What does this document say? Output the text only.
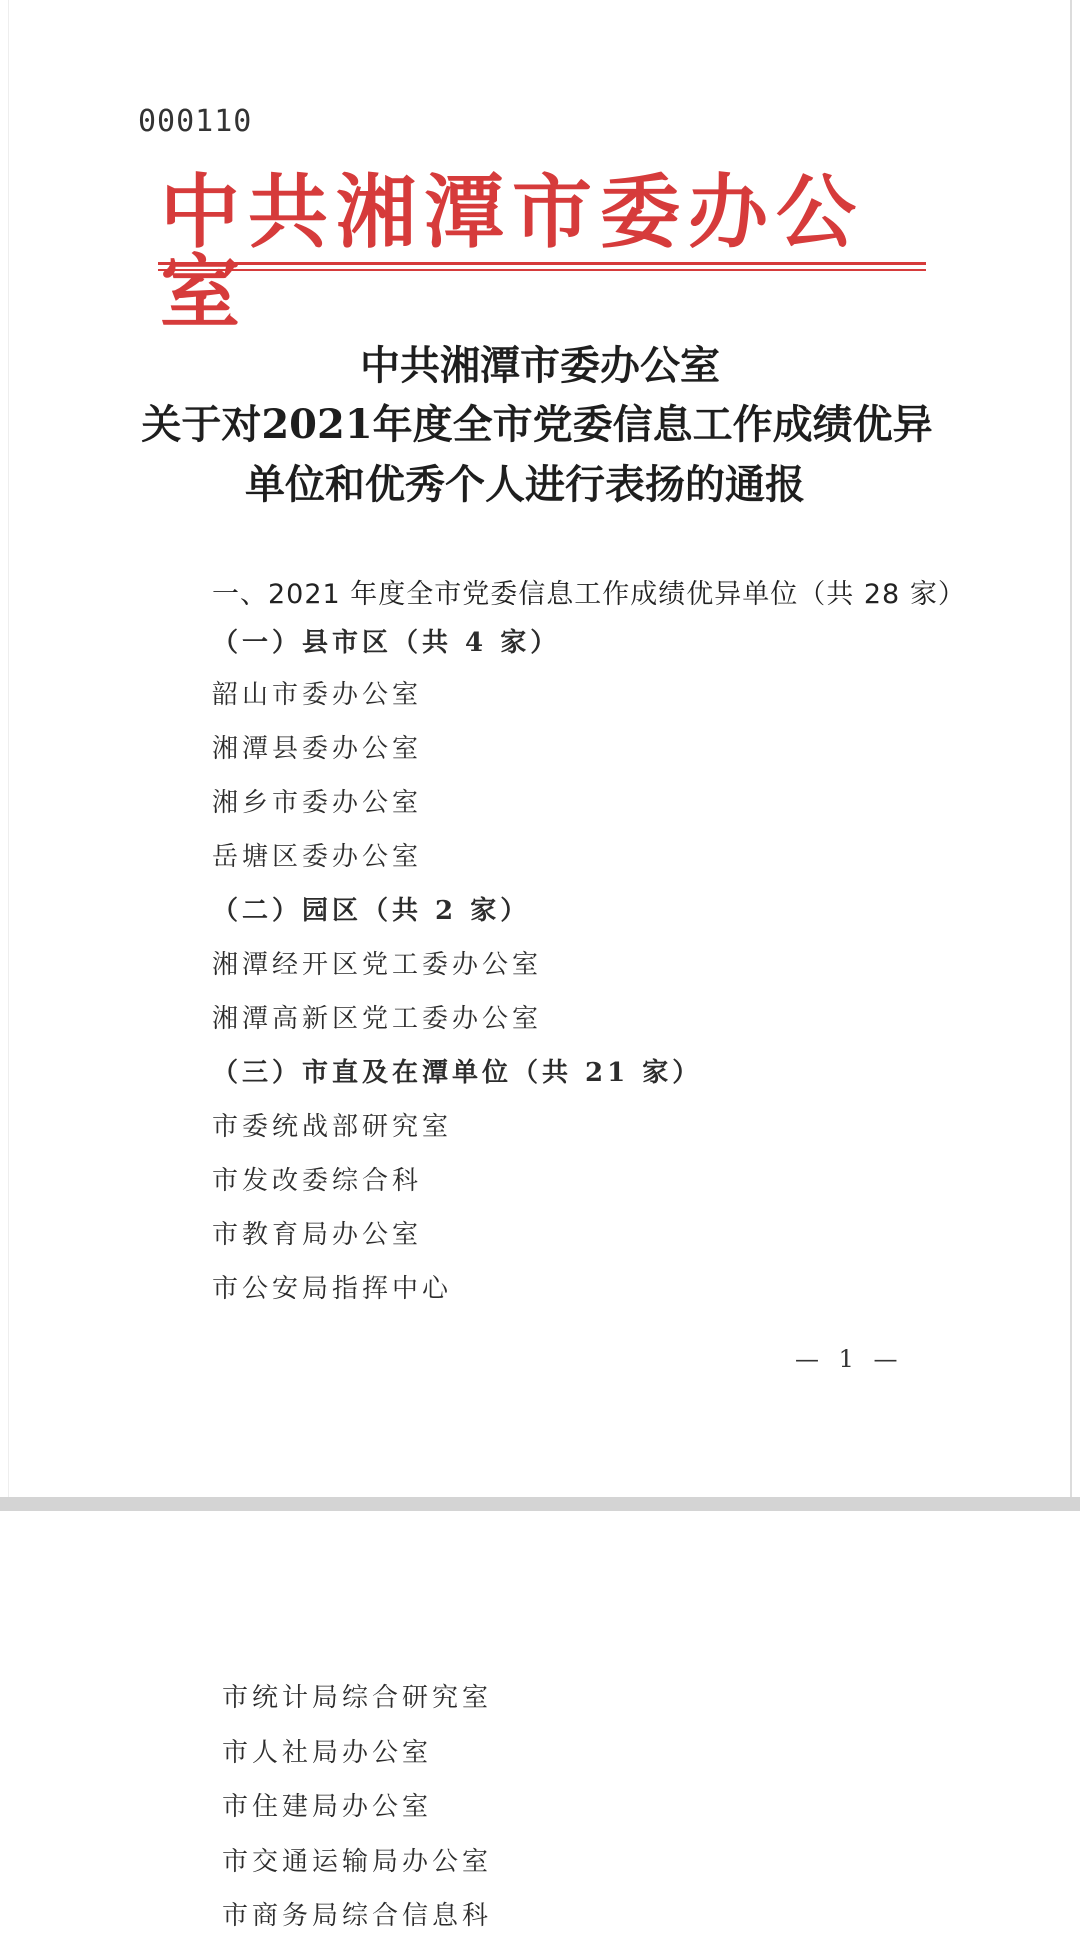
000110
中共湘潭市委办公室
中共湘潭市委办公室
关于对2021年度全市党委信息工作成绩优异
单位和优秀个人进行表扬的通报
一、2021 年度全市党委信息工作成绩优异单位（共 28 家）
（一）县市区（共 4 家）
韶山市委办公室
湘潭县委办公室
湘乡市委办公室
岳塘区委办公室
（二）园区（共 2 家）
湘潭经开区党工委办公室
湘潭高新区党工委办公室
（三）市直及在潭单位（共 21 家）
市委统战部研究室
市发改委综合科
市教育局办公室
市公安局指挥中心
— 1 —
市统计局综合研究室
市人社局办公室
市住建局办公室
市交通运输局办公室
市商务局综合信息科
